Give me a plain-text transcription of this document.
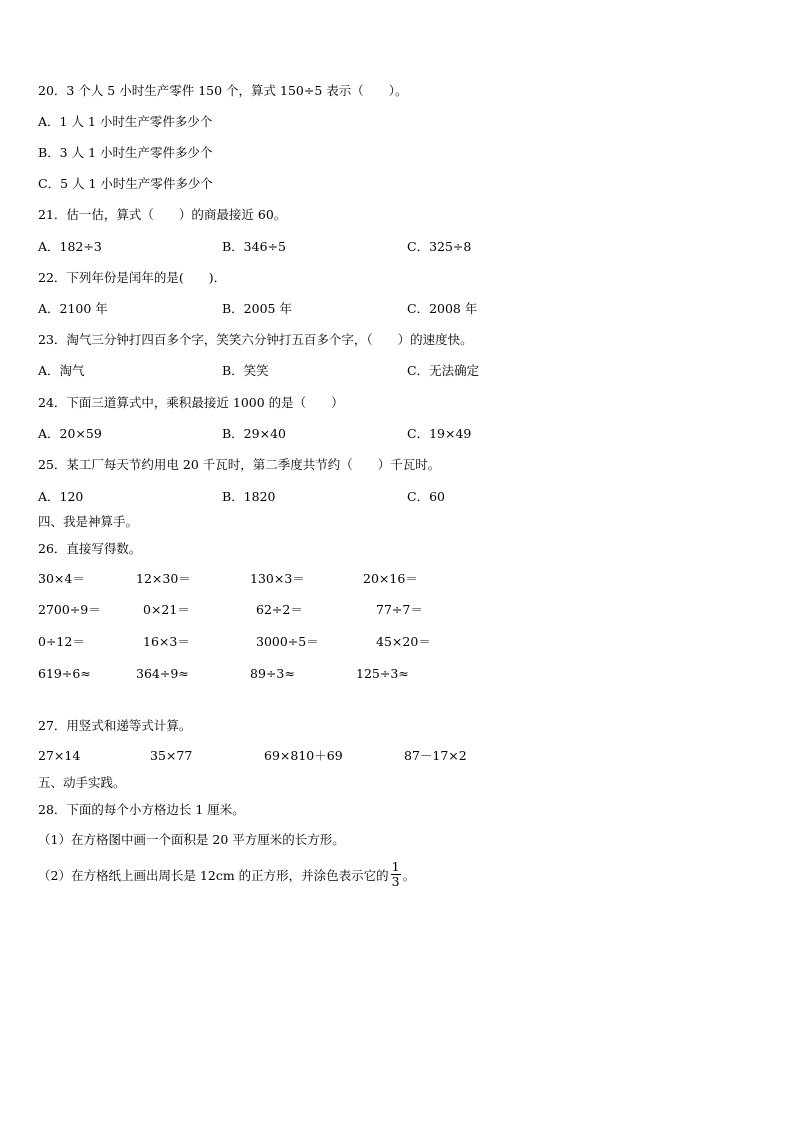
20．3 个人 5 小时生产零件 150 个，算式 150÷5 表示（　　）。
A．1 人 1 小时生产零件多少个
B．3 人 1 小时生产零件多少个
C．5 人 1 小时生产零件多少个
21．估一估，算式（　　）的商最接近 60。
A．182÷3	B．346÷5	C．325÷8
22．下列年份是闰年的是(　　)．
A．2100 年	B．2005 年	C．2008 年
23．淘气三分钟打四百多个字，笑笑六分钟打五百多个字，（　　）的速度快。
A．淘气	B．笑笑	C．无法确定
24．下面三道算式中，乘积最接近 1000 的是（　　）
A．20×59	B．29×40	C．19×49
25．某工厂每天节约用电 20 千瓦时，第二季度共节约（　　）千瓦时。
A．120	B．1820	C．60
四、我是神算手。
26．直接写得数。
30×4＝	12×30＝	130×3＝	20×16＝
2700÷9＝	0×21＝	62÷2＝	77÷7＝
0÷12＝	16×3＝	3000÷5＝	45×20＝
619÷6≈	364÷9≈	89÷3≈	125÷3≈
27．用竖式和递等式计算。
27×14	35×77	69×810＋69	87－17×2
五、动手实践。
28．下面的每个小方格边长 1 厘米。
（1）在方格图中画一个面积是 20 平方厘米的长方形。
（2）在方格纸上画出周长是 12cm 的正方形，并涂色表示它的 $\frac{1}{3}$ 。
